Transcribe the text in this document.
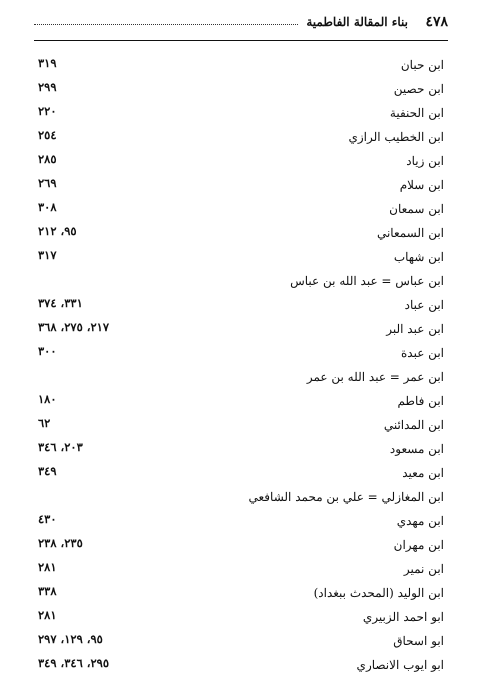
٤٧٨
بناء المقالة الفاطمية
ابن حبان
٣١٩
ابن حصين
٢٩٩
ابن الحنفية
٢٢٠
ابن الخطيب الرازي
٢٥٤
ابن زياد
٢٨٥
ابن سلام
٢٦٩
ابن سمعان
٣٠٨
ابن السمعاني
٩٥، ٢١٢
ابن شهاب
٣١٧
ابن عباس = عبد الله بن عباس
ابن عباد
٣٣١، ٣٧٤
ابن عبد البر
٢١٧، ٢٧٥، ٣٦٨
ابن عبدة
٣٠٠
ابن عمر = عبد الله بن عمر
ابن فاطم
١٨٠
ابن المدائني
٦٢
ابن مسعود
٢٠٣، ٣٤٦
ابن معيد
٣٤٩
ابن المغازلي = علي بن محمد الشافعي
ابن مهدي
٤٣٠
ابن مهران
٢٣٥، ٢٣٨
ابن نمير
٢٨١
ابن الوليد (المحدث ببغداد)
٣٣٨
ابو احمد الزبيري
٢٨١
ابو اسحاق
٩٥، ١٢٩، ٢٩٧
ابو ايوب الانصاري
٢٩٥، ٣٤٦، ٣٤٩
